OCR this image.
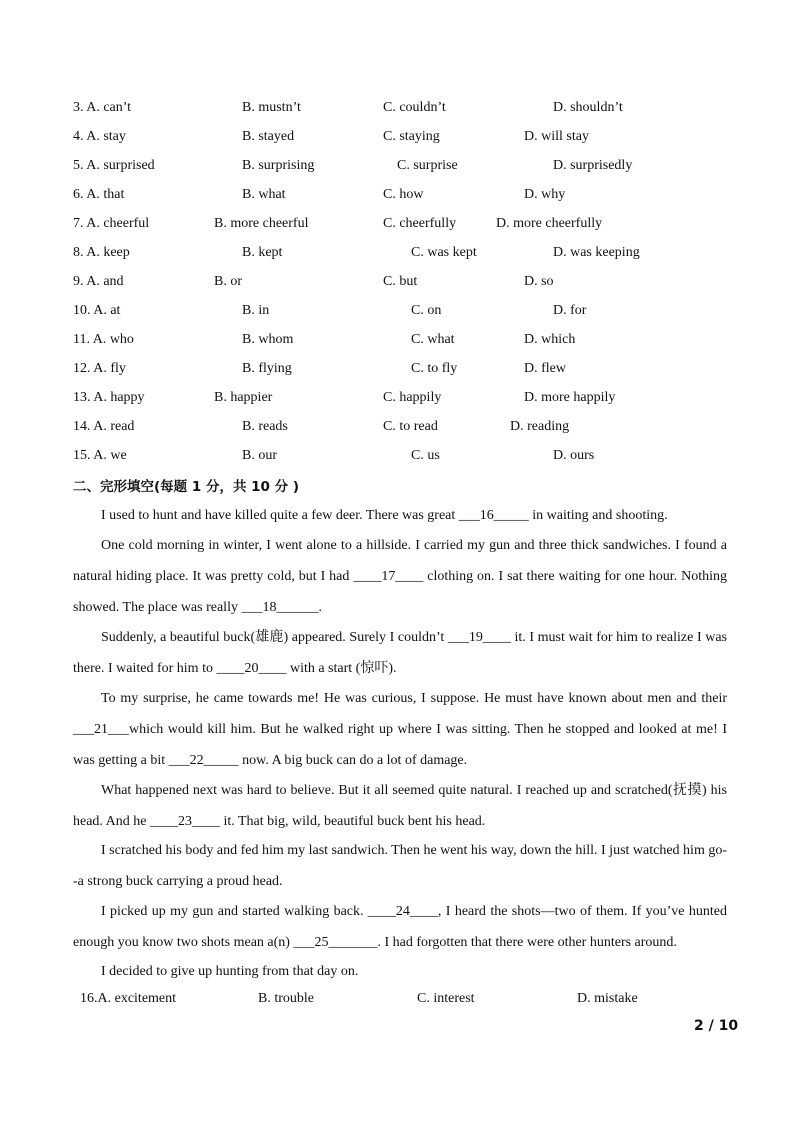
3. A. can’t	B. mustn’t	C. couldn’t	D. shouldn’t
4. A. stay	B. stayed	C. staying	D. will stay
5. A. surprised	B. surprising	C. surprise	D. surprisedly
6. A. that	B. what	C. how	D. why
7. A. cheerful	B. more cheerful	C. cheerfully	D. more cheerfully
8. A. keep	B. kept	C. was kept	D. was keeping
9. A. and	B. or	C. but	D. so
10. A. at	B. in	C. on	D. for
11. A. who	B. whom	C. what	D. which
12. A. fly	B. flying	C. to fly	D. flew
13. A. happy	B. happier	C. happily	D. more happily
14. A. read	B. reads	C. to read	D. reading
15. A. we	B. our	C. us	D. ours
二、完形填空(每题 1 分，共 10 分 )
I used to hunt and have killed quite a few deer. There was great ___16_____ in waiting and shooting.
One cold morning in winter, I went alone to a hillside. I carried my gun and three thick sandwiches. I found a natural hiding place. It was pretty cold, but I had ____17____ clothing on. I sat there waiting for one hour. Nothing showed. The place was really ___18______.
Suddenly, a beautiful buck(雄鹿) appeared. Surely I couldn’t ___19____ it. I must wait for him to realize I was there. I waited for him to ____20____ with a start (惊吓).
To my surprise, he came towards me! He was curious, I suppose. He must have known about men and their ___21___which would kill him. But he walked right up where I was sitting. Then he stopped and looked at me! I was getting a bit ___22_____ now. A big buck can do a lot of damage.
What happened next was hard to believe. But it all seemed quite natural. I reached up and scratched(抚摸) his head. And he ____23____ it. That big, wild, beautiful buck bent his head.
I scratched his body and fed him my last sandwich. Then he went his way, down the hill. I just watched him go--a strong buck carrying a proud head.
I picked up my gun and started walking back. ____24____, I heard the shots—two of them. If you’ve hunted enough you know two shots mean a(n) ___25_______. I had forgotten that there were other hunters around.
I decided to give up hunting from that day on.
16.A. excitement	B. trouble	C. interest	D. mistake
2 / 10
